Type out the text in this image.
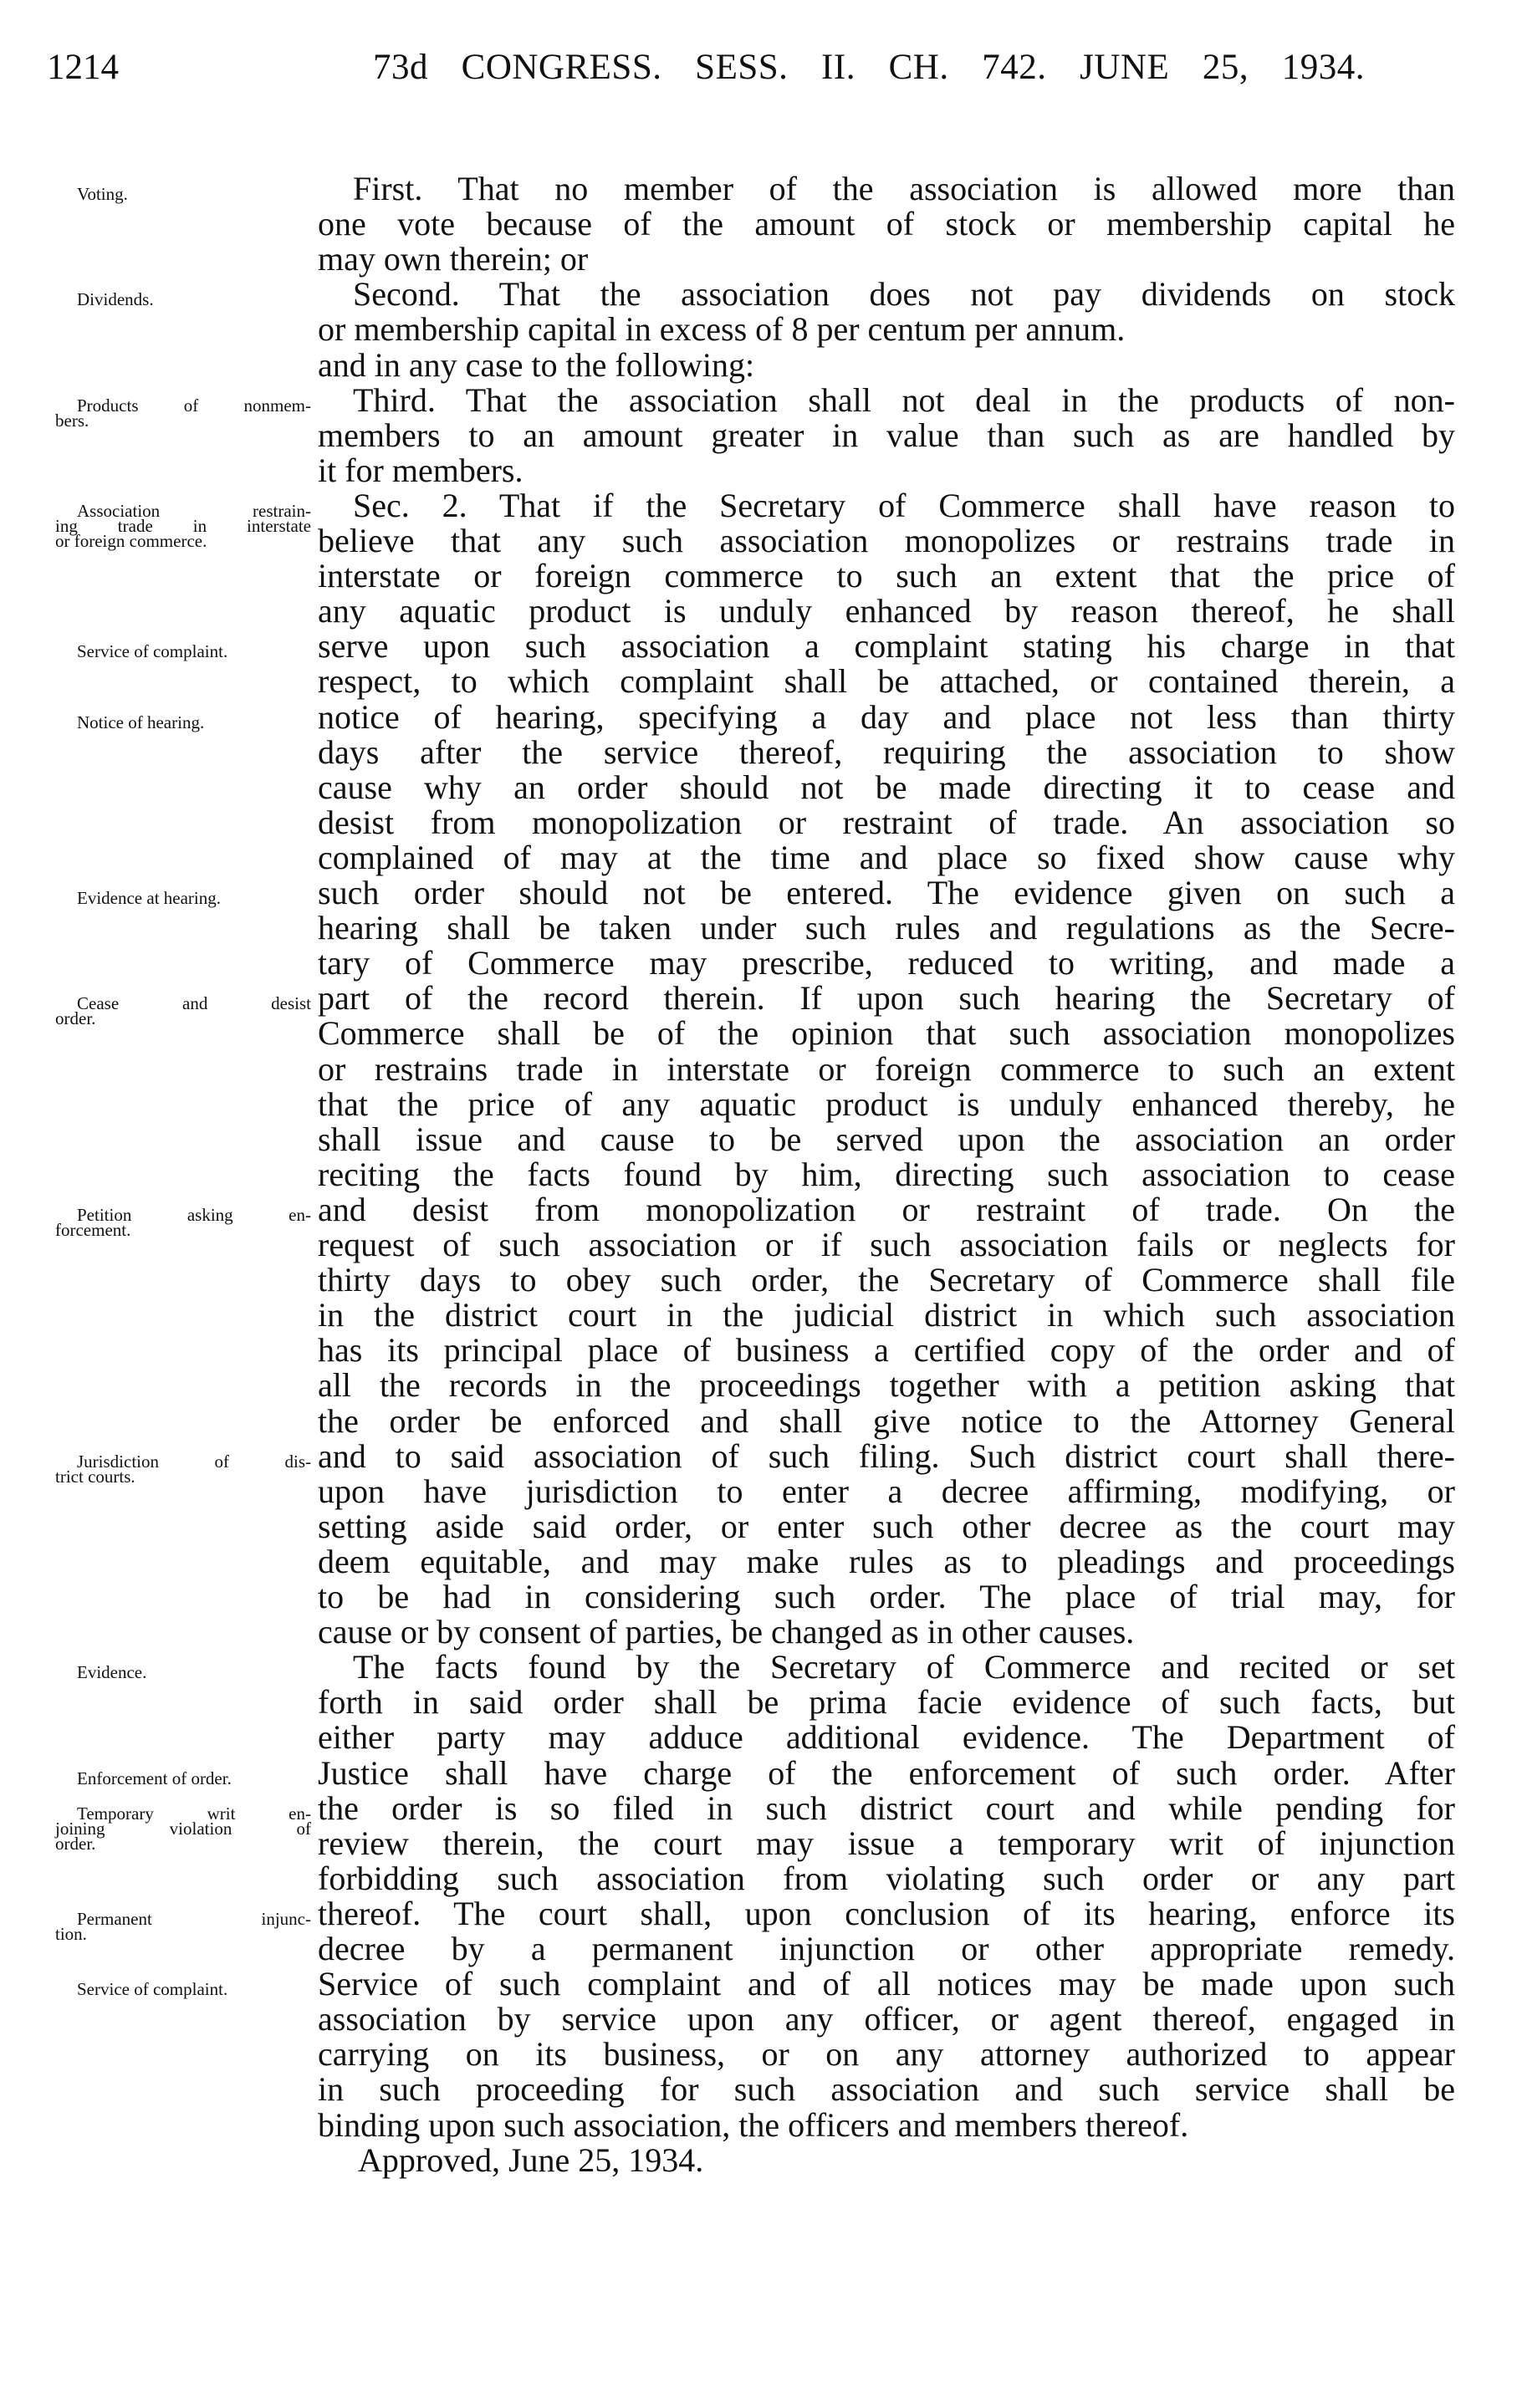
1214	73d CONGRESS. SESS. II. CH. 742. JUNE 25, 1934.
First. That no member of the association is allowed more than
one vote because of the amount of stock or membership capital he
may own therein; or
Second. That the association does not pay dividends on stock
or membership capital in excess of 8 per centum per annum.
and in any case to the following:
Third. That the association shall not deal in the products of non-
members to an amount greater in value than such as are handled by
it for members.
Sec. 2. That if the Secretary of Commerce shall have reason to
believe that any such association monopolizes or restrains trade in
interstate or foreign commerce to such an extent that the price of
any aquatic product is unduly enhanced by reason thereof, he shall
serve upon such association a complaint stating his charge in that
respect, to which complaint shall be attached, or contained therein, a
notice of hearing, specifying a day and place not less than thirty
days after the service thereof, requiring the association to show
cause why an order should not be made directing it to cease and
desist from monopolization or restraint of trade. An association so
complained of may at the time and place so fixed show cause why
such order should not be entered. The evidence given on such a
hearing shall be taken under such rules and regulations as the Secre-
tary of Commerce may prescribe, reduced to writing, and made a
part of the record therein. If upon such hearing the Secretary of
Commerce shall be of the opinion that such association monopolizes
or restrains trade in interstate or foreign commerce to such an extent
that the price of any aquatic product is unduly enhanced thereby, he
shall issue and cause to be served upon the association an order
reciting the facts found by him, directing such association to cease
and desist from monopolization or restraint of trade. On the
request of such association or if such association fails or neglects for
thirty days to obey such order, the Secretary of Commerce shall file
in the district court in the judicial district in which such association
has its principal place of business a certified copy of the order and of
all the records in the proceedings together with a petition asking that
the order be enforced and shall give notice to the Attorney General
and to said association of such filing. Such district court shall there-
upon have jurisdiction to enter a decree affirming, modifying, or
setting aside said order, or enter such other decree as the court may
deem equitable, and may make rules as to pleadings and proceedings
to be had in considering such order. The place of trial may, for
cause or by consent of parties, be changed as in other causes.
The facts found by the Secretary of Commerce and recited or set
forth in said order shall be prima facie evidence of such facts, but
either party may adduce additional evidence. The Department of
Justice shall have charge of the enforcement of such order. After
the order is so filed in such district court and while pending for
review therein, the court may issue a temporary writ of injunction
forbidding such association from violating such order or any part
thereof. The court shall, upon conclusion of its hearing, enforce its
decree by a permanent injunction or other appropriate remedy.
Service of such complaint and of all notices may be made upon such
association by service upon any officer, or agent thereof, engaged in
carrying on its business, or on any attorney authorized to appear
in such proceeding for such association and such service shall be
binding upon such association, the officers and members thereof.
Approved, June 25, 1934.
Voting.
Dividends.
Products of nonmem-
bers.
Association restrain-
ing trade in interstate
or foreign commerce.
Service of complaint.
Notice of hearing.
Evidence at hearing.
Cease and desist
order.
Petition asking en-
forcement.
Jurisdiction of dis-
trict courts.
Evidence.
Enforcement of order.
Temporary writ en-
joining violation of
order.
Permanent injunc-
tion.
Service of complaint.
